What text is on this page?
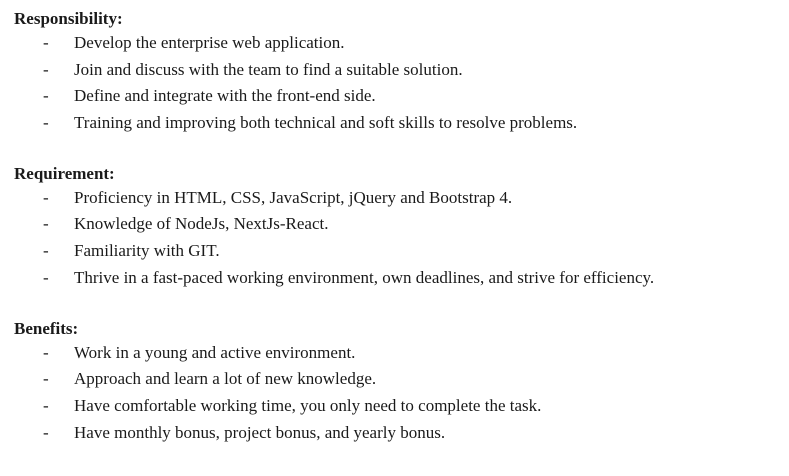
Responsibility:

- Develop the enterprise web application.
- Join and discuss with the team to find a suitable solution.
- Define and integrate with the front-end side.
- Training and improving both technical and soft skills to resolve problems.

Requirement:

- Proficiency in HTML, CSS, JavaScript, jQuery and Bootstrap 4.
- Knowledge of NodeJs, NextJs-React.
- Familiarity with GIT.
- Thrive in a fast-paced working environment, own deadlines, and strive for efficiency.

Benefits:

- Work in a young and active environment.
- Approach and learn a lot of new knowledge.
- Have comfortable working time, you only need to complete the task.
- Have monthly bonus, project bonus, and yearly bonus.
